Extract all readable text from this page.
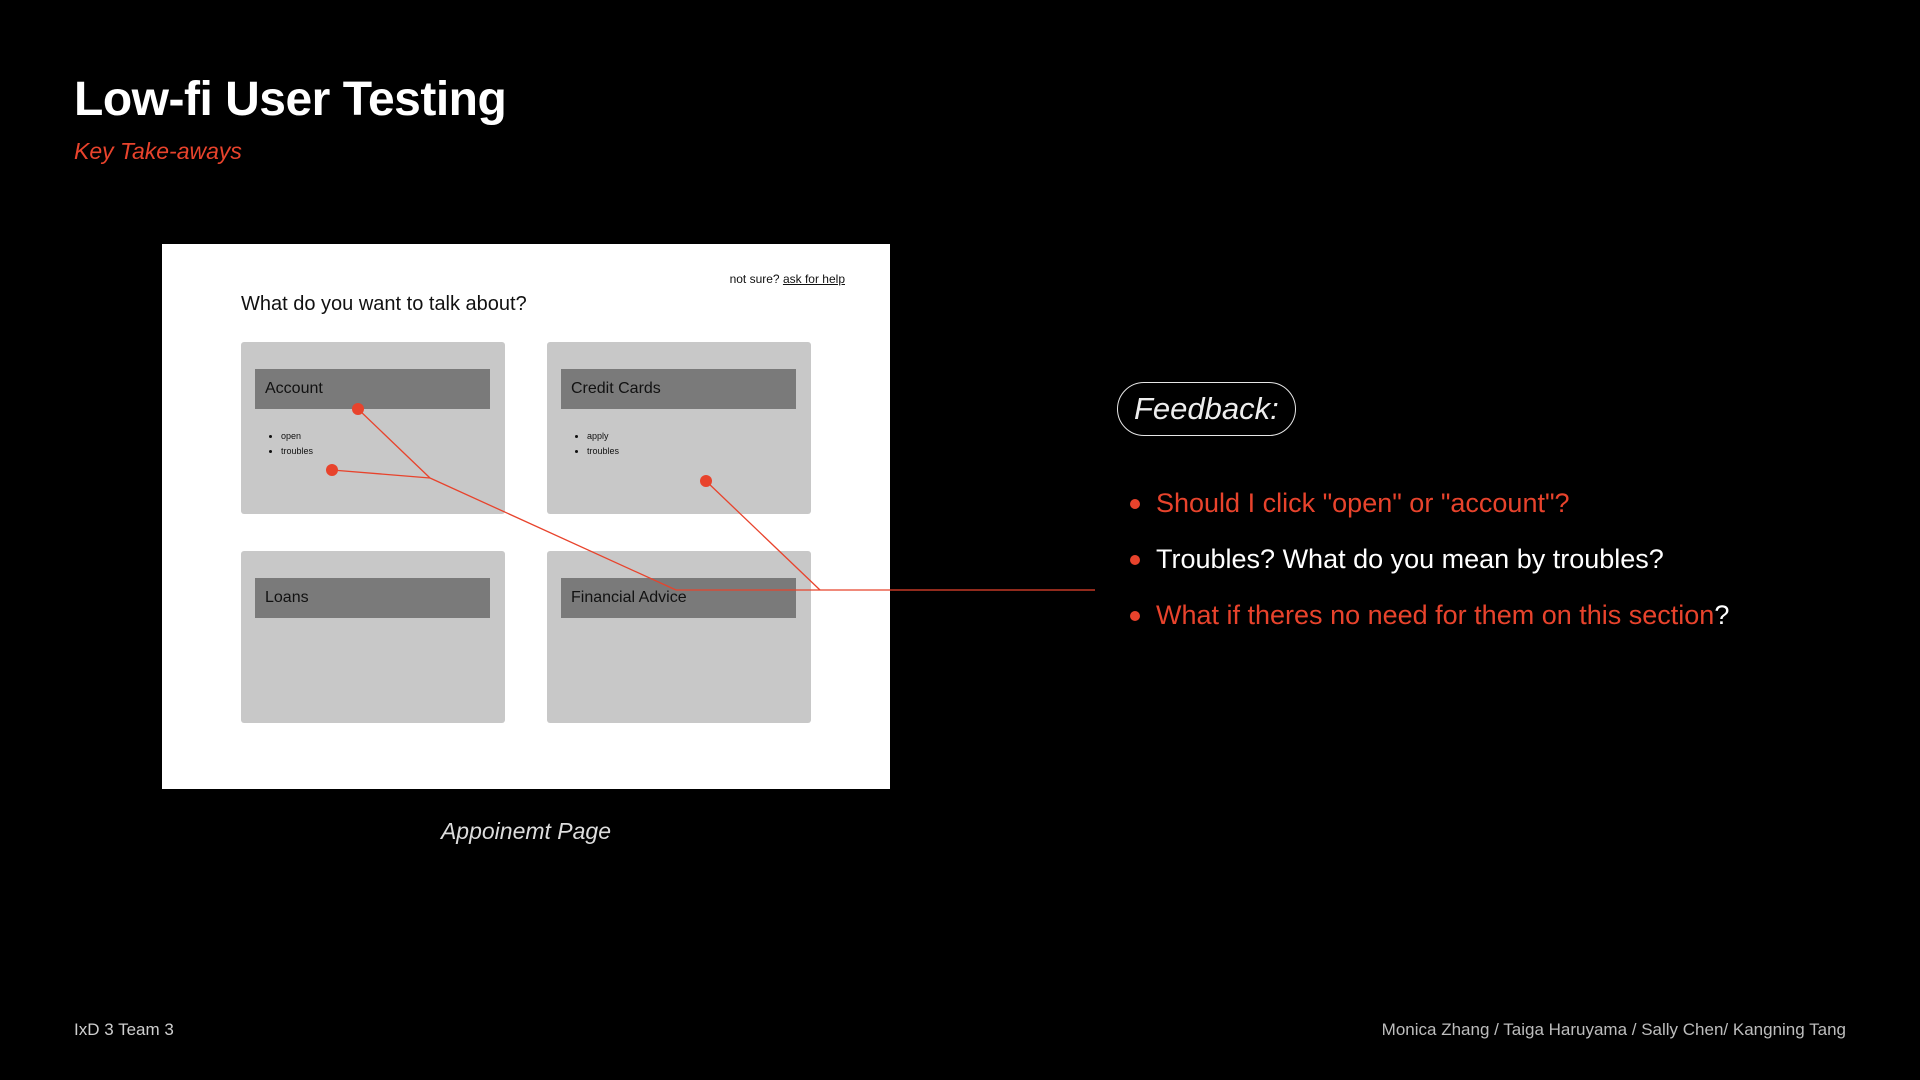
Low-fi User Testing
Key Take-aways
not sure? ask for help
What do you want to talk about?
Account
• open
• troubles
Credit Cards
• apply
• troubles
Loans	Financial Advice
Appoinemt Page
Feedback:
Should I click "open" or "account"?
Troubles? What do you mean by troubles?
What if theres no need for them on this section?
IxD 3 Team 3	Monica Zhang / Taiga Haruyama / Sally Chen/ Kangning Tang
